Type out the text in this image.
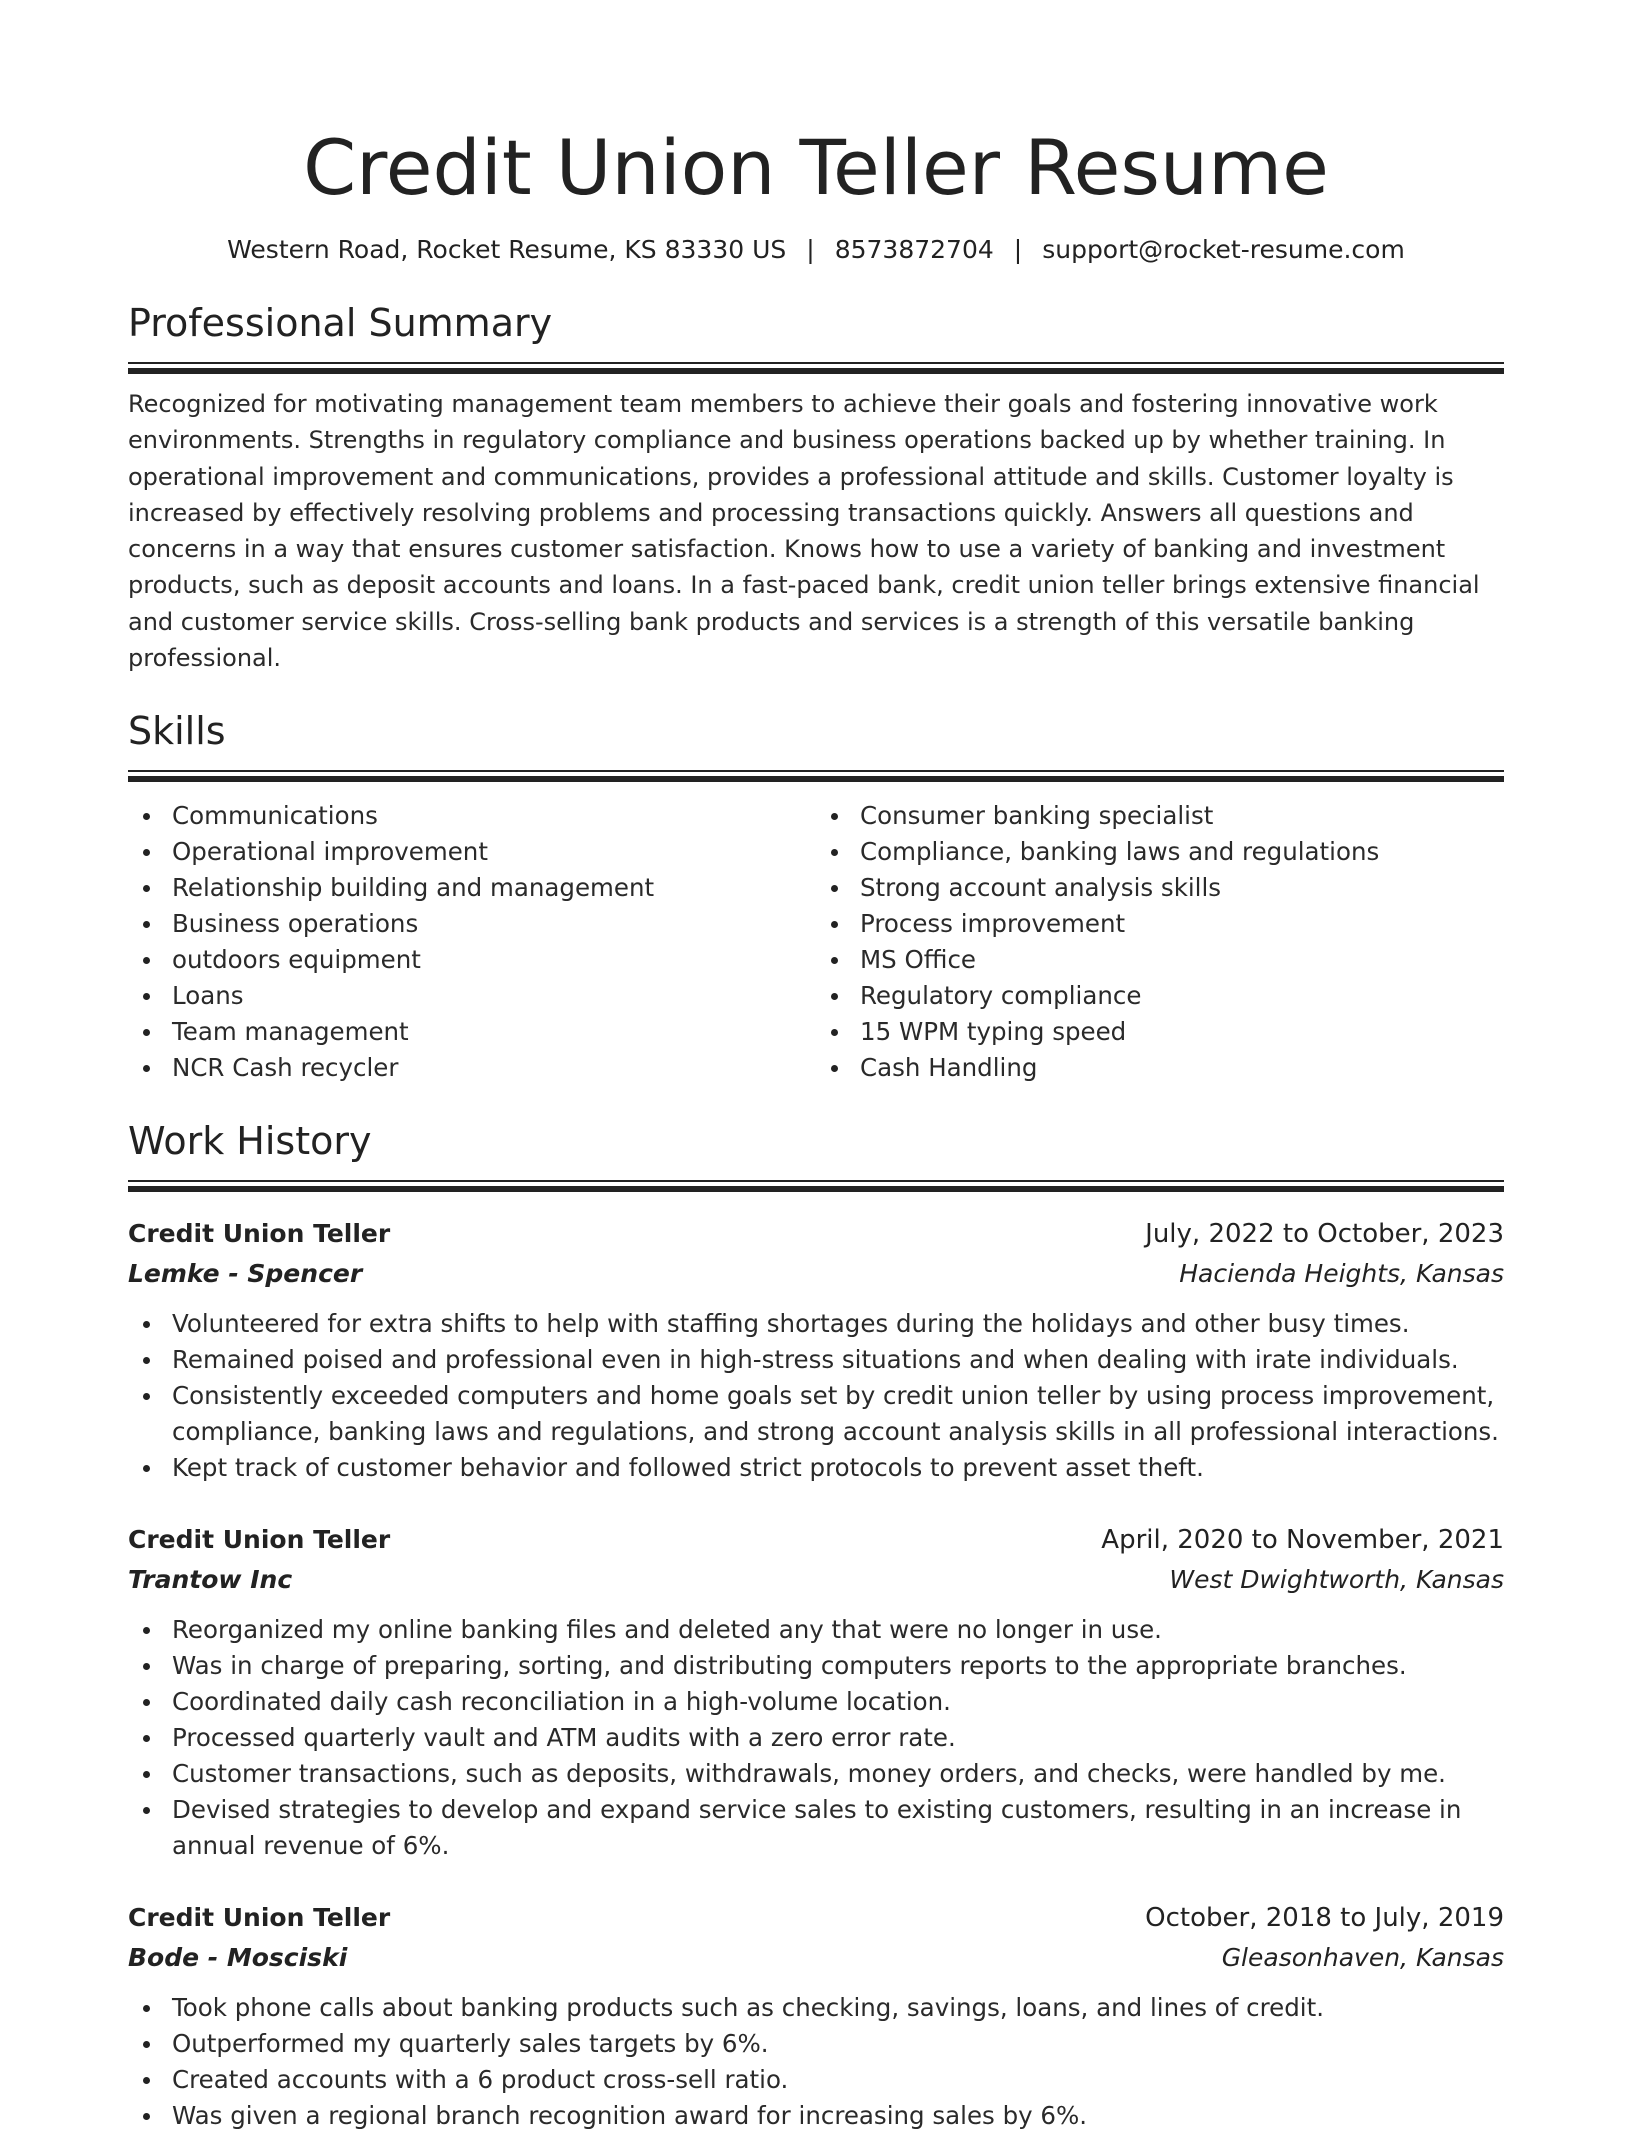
Credit Union Teller Resume
Western Road, Rocket Resume, KS 83330 US | 8573872704 | support@rocket-resume.com
Professional Summary
Recognized for motivating management team members to achieve their goals and fostering innovative work environments. Strengths in regulatory compliance and business operations backed up by whether training. In operational improvement and communications, provides a professional attitude and skills. Customer loyalty is increased by effectively resolving problems and processing transactions quickly. Answers all questions and concerns in a way that ensures customer satisfaction. Knows how to use a variety of banking and investment products, such as deposit accounts and loans. In a fast-paced bank, credit union teller brings extensive financial and customer service skills. Cross-selling bank products and services is a strength of this versatile banking professional.
Skills
Communications
Operational improvement
Relationship building and management
Business operations
outdoors equipment
Loans
Team management
NCR Cash recycler
Consumer banking specialist
Compliance, banking laws and regulations
Strong account analysis skills
Process improvement
MS Office
Regulatory compliance
15 WPM typing speed
Cash Handling
Work History
Credit Union Teller	July, 2022 to October, 2023
Lemke - Spencer	Hacienda Heights, Kansas
Volunteered for extra shifts to help with staffing shortages during the holidays and other busy times.
Remained poised and professional even in high-stress situations and when dealing with irate individuals.
Consistently exceeded computers and home goals set by credit union teller by using process improvement, compliance, banking laws and regulations, and strong account analysis skills in all professional interactions.
Kept track of customer behavior and followed strict protocols to prevent asset theft.
Credit Union Teller	April, 2020 to November, 2021
Trantow Inc	West Dwightworth, Kansas
Reorganized my online banking files and deleted any that were no longer in use.
Was in charge of preparing, sorting, and distributing computers reports to the appropriate branches.
Coordinated daily cash reconciliation in a high-volume location.
Processed quarterly vault and ATM audits with a zero error rate.
Customer transactions, such as deposits, withdrawals, money orders, and checks, were handled by me.
Devised strategies to develop and expand service sales to existing customers, resulting in an increase in annual revenue of 6%.
Credit Union Teller	October, 2018 to July, 2019
Bode - Mosciski	Gleasonhaven, Kansas
Took phone calls about banking products such as checking, savings, loans, and lines of credit.
Outperformed my quarterly sales targets by 6%.
Created accounts with a 6 product cross-sell ratio.
Was given a regional branch recognition award for increasing sales by 6%.
